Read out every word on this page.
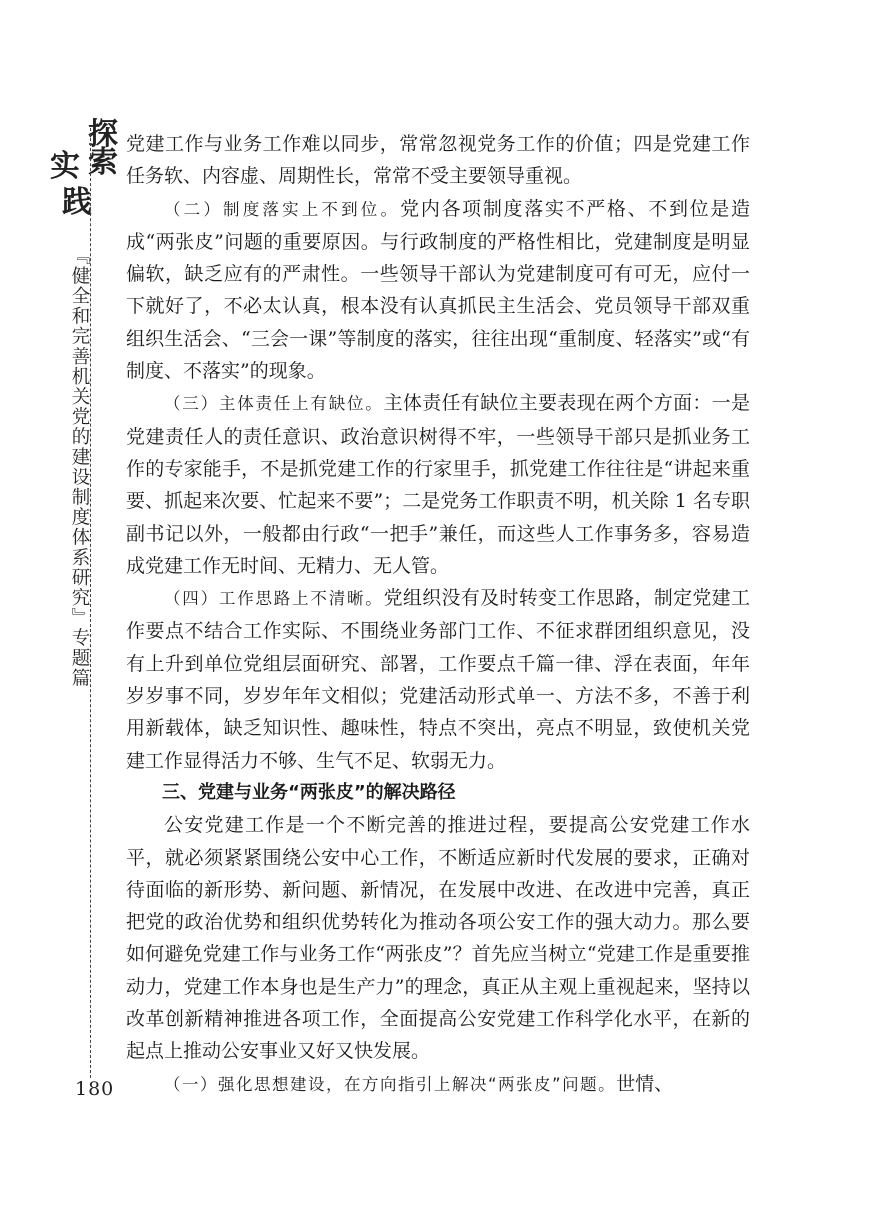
探
实 索
践
『健全和完善机关党的建设制度体系研究』专题篇
180

党建工作与业务工作难以同步，常常忽视党务工作的价值；四是党建工作任务软、内容虚、周期性长，常常不受主要领导重视。

（二）制度落实上不到位。党内各项制度落实不严格、不到位是造成“两张皮”问题的重要原因。与行政制度的严格性相比，党建制度是明显偏软，缺乏应有的严肃性。一些领导干部认为党建制度可有可无，应付一下就好了，不必太认真，根本没有认真抓民主生活会、党员领导干部双重组织生活会、“三会一课”等制度的落实，往往出现“重制度、轻落实”或“有制度、不落实”的现象。

（三）主体责任上有缺位。主体责任有缺位主要表现在两个方面：一是党建责任人的责任意识、政治意识树得不牢，一些领导干部只是抓业务工作的专家能手，不是抓党建工作的行家里手，抓党建工作往往是“讲起来重要、抓起来次要、忙起来不要”；二是党务工作职责不明，机关除 1 名专职副书记以外，一般都由行政“一把手”兼任，而这些人工作事务多，容易造成党建工作无时间、无精力、无人管。

（四）工作思路上不清晰。党组织没有及时转变工作思路，制定党建工作要点不结合工作实际、不围绕业务部门工作、不征求群团组织意见，没有上升到单位党组层面研究、部署，工作要点千篇一律、浮在表面，年年岁岁事不同，岁岁年年文相似；党建活动形式单一、方法不多，不善于利用新载体，缺乏知识性、趣味性，特点不突出，亮点不明显，致使机关党建工作显得活力不够、生气不足、软弱无力。

三、党建与业务“两张皮”的解决路径

公安党建工作是一个不断完善的推进过程，要提高公安党建工作水平，就必须紧紧围绕公安中心工作，不断适应新时代发展的要求，正确对待面临的新形势、新问题、新情况，在发展中改进、在改进中完善，真正把党的政治优势和组织优势转化为推动各项公安工作的强大动力。那么要如何避免党建工作与业务工作“两张皮”？首先应当树立“党建工作是重要推动力，党建工作本身也是生产力”的理念，真正从主观上重视起来，坚持以改革创新精神推进各项工作，全面提高公安党建工作科学化水平，在新的起点上推动公安事业又好又快发展。

（一）强化思想建设，在方向指引上解决“两张皮”问题。世情、
